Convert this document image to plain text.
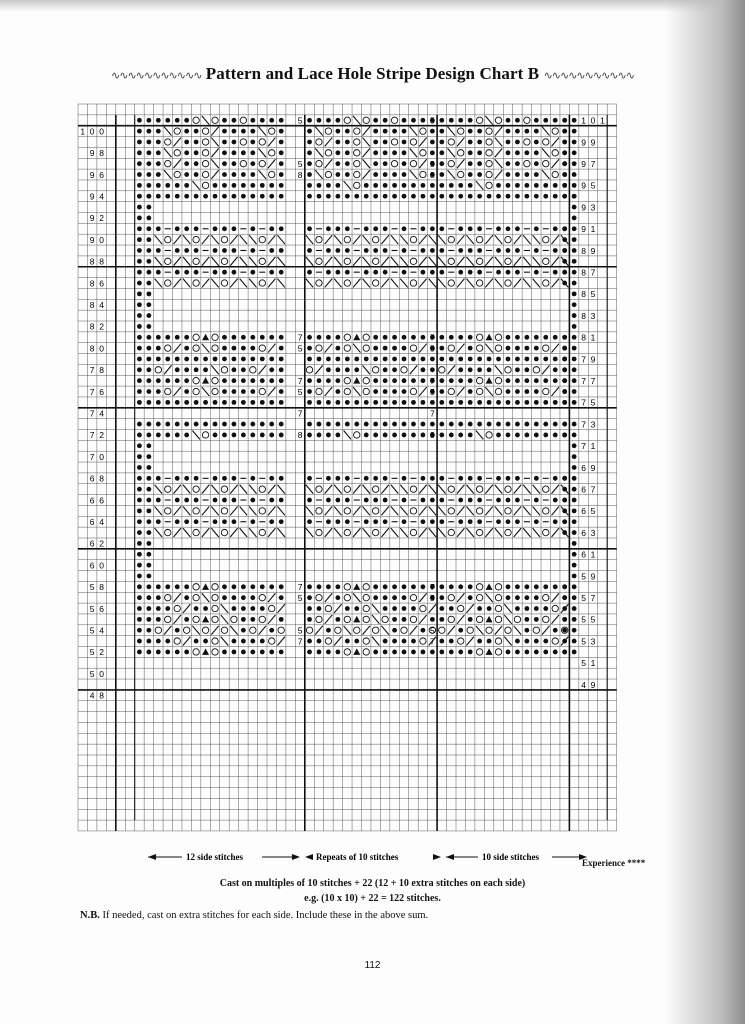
∿∿∿∿∿∿∿∿∿∿∿ Pattern and Lace Hole Stripe Design Chart B ∿∿∿∿∿∿∿∿∿∿∿
5	5
5	5
8	8
7	7
5	5
7	7
5	5
7	7
8	8
7	7
5	5
5	5
7	7
1 0 0
9 8
9 6
9 4
9 2
9 0
8 8
8 6
8 4
8 2
8 0
7 8
7 6
7 4
7 2
7 0
6 8
6 6
6 4
6 2
6 0
5 8
5 6
5 4
5 2
5 0
4 8
1 0 1
9 9
9 7
9 5
9 3
9 1
8 9
8 7
8 5
8 3
8 1
7 9
7 7
7 5
7 3
7 1
6 9
6 7
6 5
6 3
6 1
5 9
5 7
5 5
5 3
5 1
4 9
12 side stitches	Repeats of 10 stitches	10 side stitches
Experience ****
Cast on multiples of 10 stitches + 22 (12 + 10 extra stitches on each side)
e.g. (10 x 10) + 22 = 122 stitches.
N.B. If needed, cast on extra stitches for each side. Include these in the above sum.
112
